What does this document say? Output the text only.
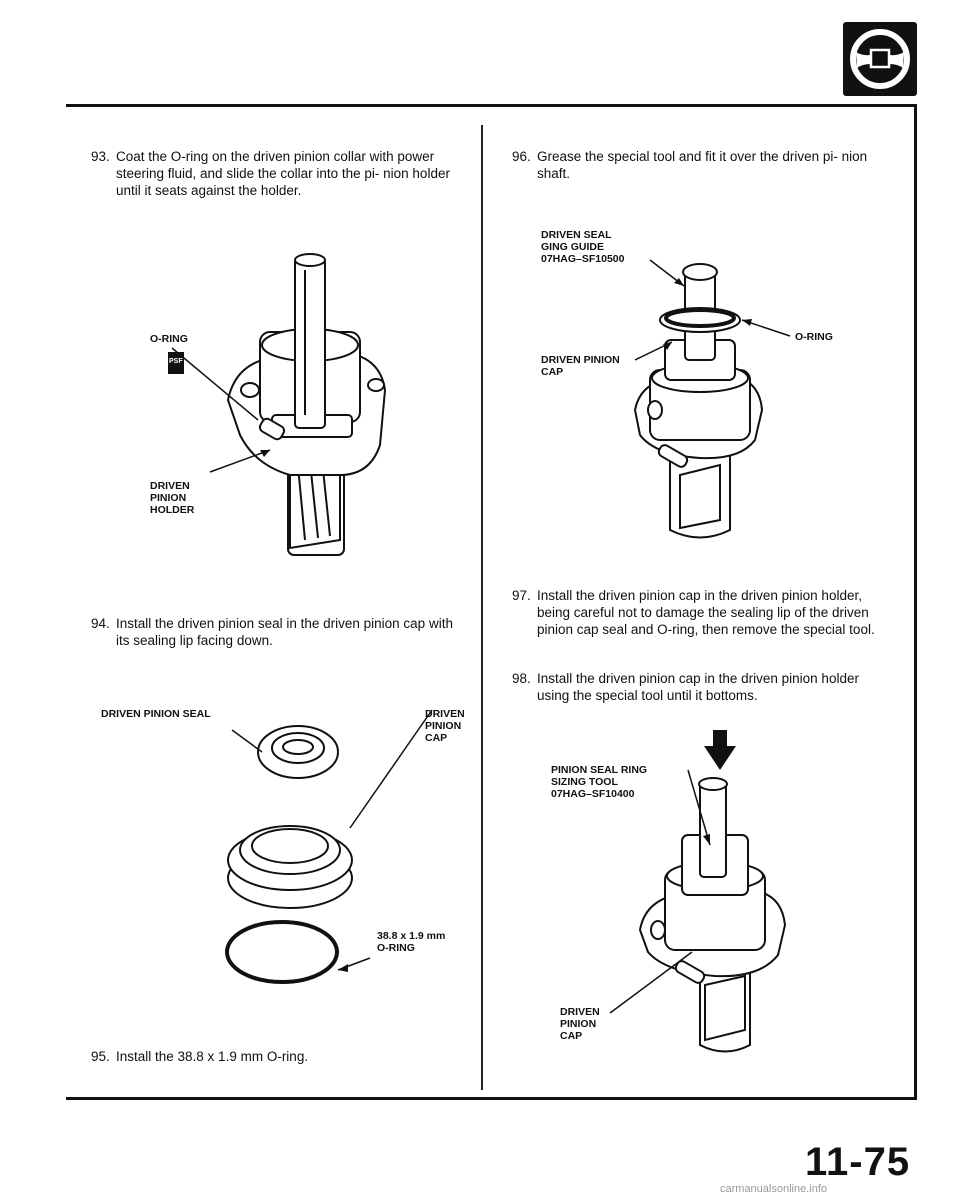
93. Coat the O-ring on the driven pinion collar with power steering fluid, and slide the collar into the pi- nion holder until it seats against the holder.
O-RING
PSF
DRIVEN
PINION
HOLDER
94. Install the driven pinion seal in the driven pinion cap with its sealing lip facing down.
DRIVEN PINION SEAL	DRIVEN
PINION
CAP
38.8 x 1.9 mm
O-RING
95. Install the 38.8 x 1.9 mm O-ring.
96. Grease the special tool and fit it over the driven pi- nion shaft.
DRIVEN SEAL
GING GUIDE
07HAG–SF10500
O-RING
DRIVEN PINION
CAP
97. Install the driven pinion cap in the driven pinion holder, being careful not to damage the sealing lip of the driven pinion cap seal and O-ring, then remove the special tool.
98. Install the driven pinion cap in the driven pinion holder using the special tool until it bottoms.
PINION SEAL RING
SIZING TOOL
07HAG–SF10400
DRIVEN
PINION
CAP
11-75
carmanualsonline.info
